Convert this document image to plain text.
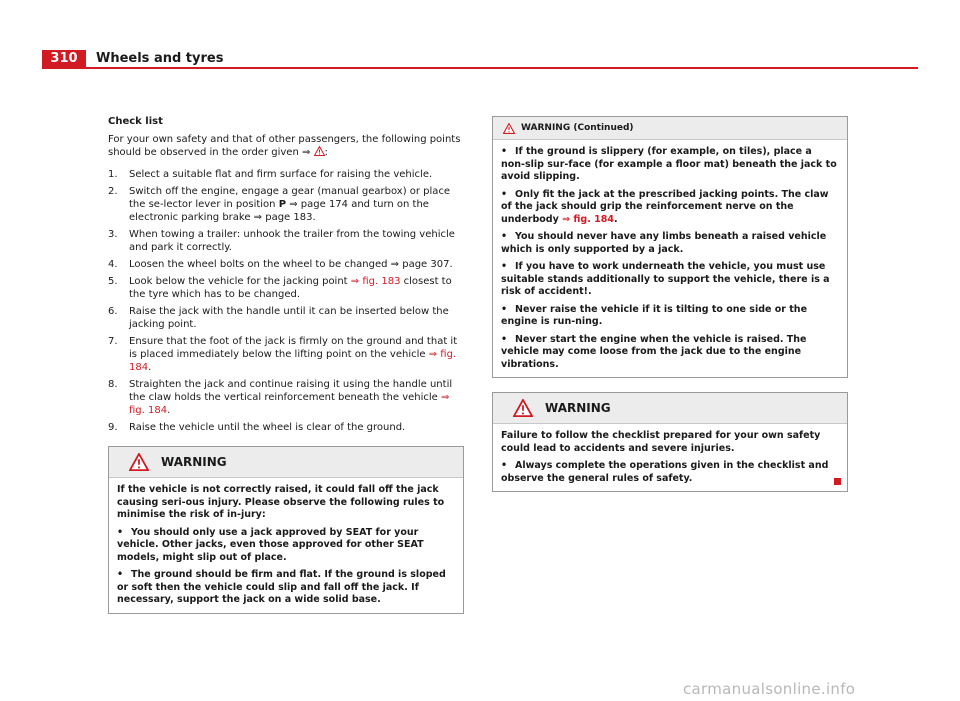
310	Wheels and tyres
Check list

For your own safety and that of other passengers, the following points should be observed in the order given ⇒ :

1. Select a suitable flat and firm surface for raising the vehicle.
2. Switch off the engine, engage a gear (manual gearbox) or place the se-lector lever in position P ⇒ page 174 and turn on the electronic parking brake ⇒ page 183.
3. When towing a trailer: unhook the trailer from the towing vehicle and park it correctly.
4. Loosen the wheel bolts on the wheel to be changed ⇒ page 307.
5. Look below the vehicle for the jacking point ⇒ fig. 183 closest to the tyre which has to be changed.
6. Raise the jack with the handle until it can be inserted below the jacking point.
7. Ensure that the foot of the jack is firmly on the ground and that it is placed immediately below the lifting point on the vehicle ⇒ fig. 184.
8. Straighten the jack and continue raising it using the handle until the claw holds the vertical reinforcement beneath the vehicle ⇒ fig. 184.
9. Raise the vehicle until the wheel is clear of the ground.
WARNING

If the vehicle is not correctly raised, it could fall off the jack causing seri-ous injury. Please observe the following rules to minimise the risk of in-jury:

• You should only use a jack approved by SEAT for your vehicle. Other jacks, even those approved for other SEAT models, might slip out of place.

• The ground should be firm and flat. If the ground is sloped or soft then the vehicle could slip and fall off the jack. If necessary, support the jack on a wide solid base.

WARNING (Continued)

• If the ground is slippery (for example, on tiles), place a non-slip sur-face (for example a floor mat) beneath the jack to avoid slipping.

• Only fit the jack at the prescribed jacking points. The claw of the jack should grip the reinforcement nerve on the underbody ⇒ fig. 184.

• You should never have any limbs beneath a raised vehicle which is only supported by a jack.

• If you have to work underneath the vehicle, you must use suitable stands additionally to support the vehicle, there is a risk of accident!.

• Never raise the vehicle if it is tilting to one side or the engine is run-ning.

• Never start the engine when the vehicle is raised. The vehicle may come loose from the jack due to the engine vibrations.

WARNING

Failure to follow the checklist prepared for your own safety could lead to accidents and severe injuries.

• Always complete the operations given in the checklist and observe the general rules of safety.

carmanualsonline.info
